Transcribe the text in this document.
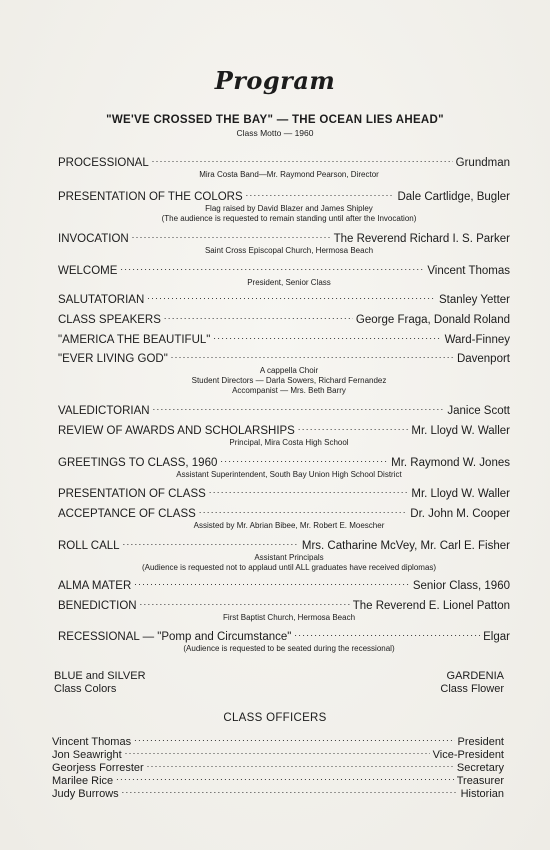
Program
"WE'VE CROSSED THE BAY" — THE OCEAN LIES AHEAD"
Class Motto — 1960
PROCESSIONAL . . .	Grundman
Mira Costa Band—Mr. Raymond Pearson, Director
PRESENTATION OF THE COLORS . . .	Dale Cartlidge, Bugler
Flag raised by David Blazer and James Shipley
(The audience is requested to remain standing until after the Invocation)
INVOCATION . . .	The Reverend Richard I. S. Parker
Saint Cross Episcopal Church, Hermosa Beach
WELCOME . . .	Vincent Thomas
President, Senior Class
SALUTATORIAN . . .	Stanley Yetter
CLASS SPEAKERS . . .	George Fraga, Donald Roland
"AMERICA THE BEAUTIFUL" . . .	Ward-Finney
"EVER LIVING GOD" . . .	Davenport
A cappella Choir
Student Directors — Darla Sowers, Richard Fernandez
Accompanist — Mrs. Beth Barry
VALEDICTORIAN . . .	Janice Scott
REVIEW OF AWARDS AND SCHOLARSHIPS . . .	Mr. Lloyd W. Waller
Principal, Mira Costa High School
GREETINGS TO CLASS, 1960 . . .	Mr. Raymond W. Jones
Assistant Superintendent, South Bay Union High School District
PRESENTATION OF CLASS . . .	Mr. Lloyd W. Waller
ACCEPTANCE OF CLASS . . .	Dr. John M. Cooper
Assisted by Mr. Abrian Bibee, Mr. Robert E. Moescher
ROLL CALL . . .	Mrs. Catharine McVey, Mr. Carl E. Fisher
Assistant Principals
(Audience is requested not to applaud until ALL graduates have received diplomas)
ALMA MATER . . .	Senior Class, 1960
BENEDICTION . . .	The Reverend E. Lionel Patton
First Baptist Church, Hermosa Beach
RECESSIONAL — "Pomp and Circumstance" . . .	Elgar
(Audience is requested to be seated during the recessional)
BLUE and SILVER
Class Colors
GARDENIA
Class Flower
CLASS OFFICERS
Vincent Thomas . . .	President
Jon Seawright . . .	Vice-President
Georjess Forrester . . .	Secretary
Marilee Rice . . .	Treasurer
Judy Burrows . . .	Historian
